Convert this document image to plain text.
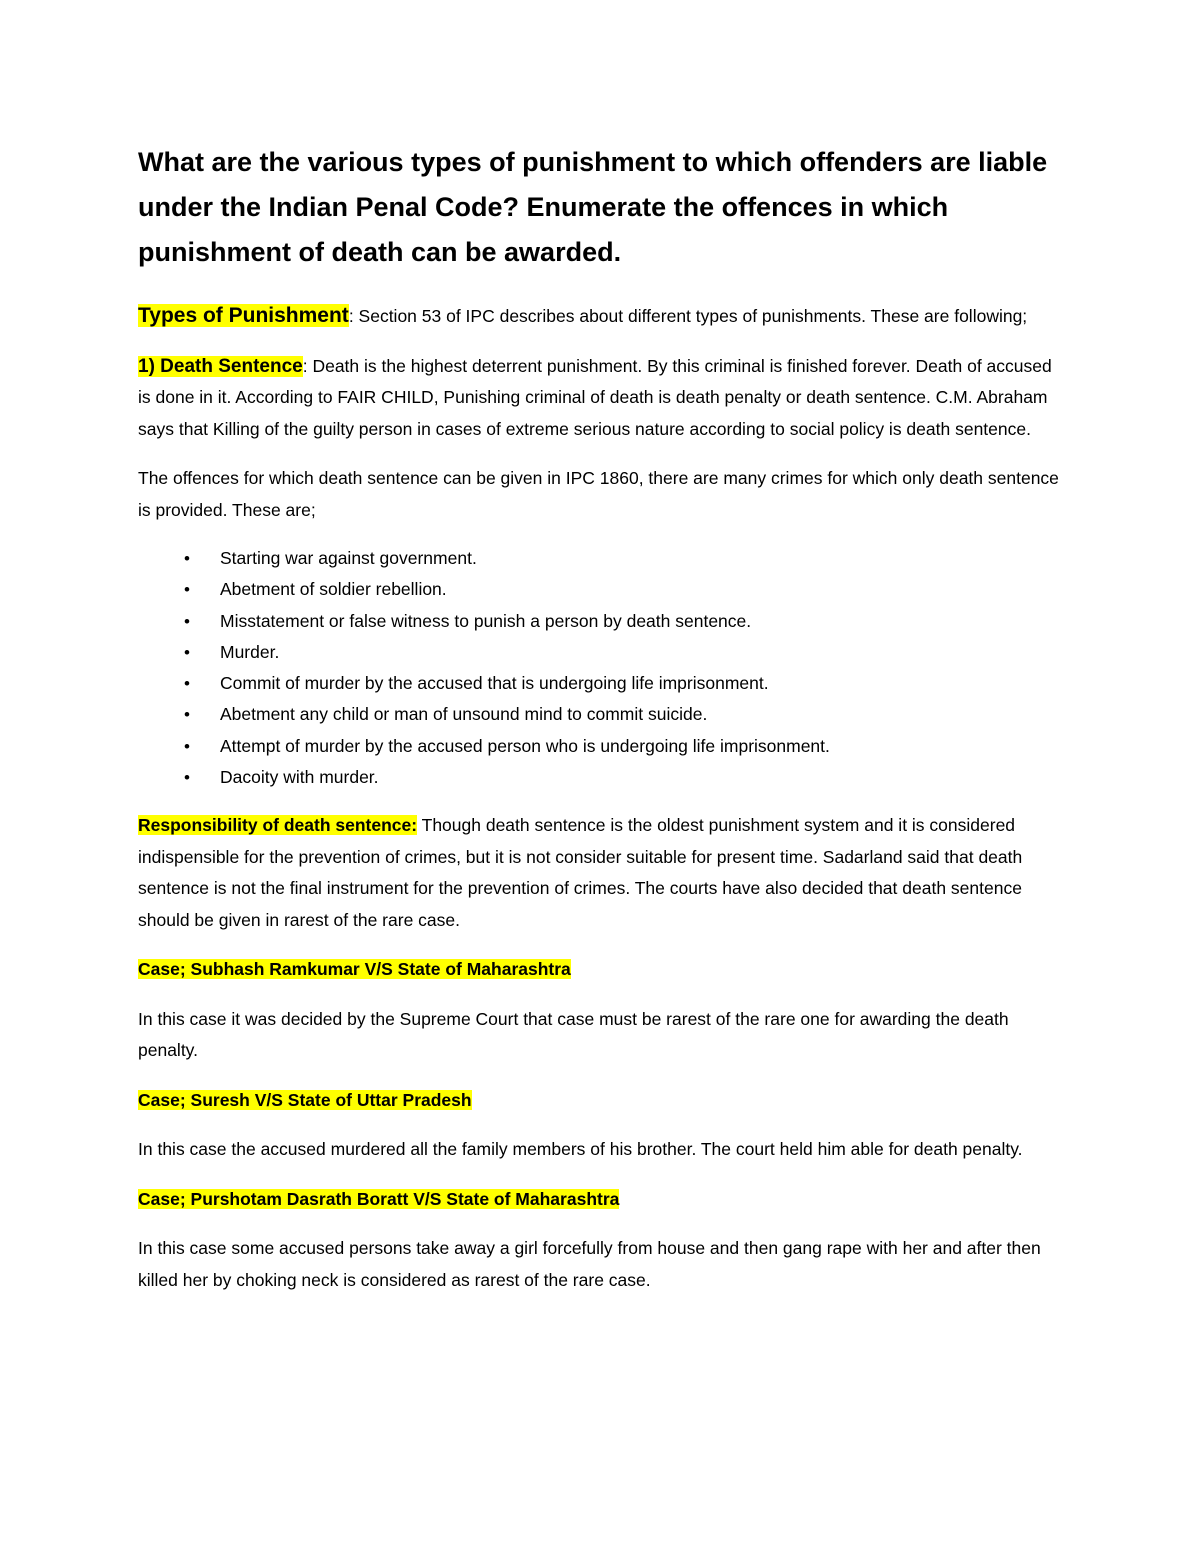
What are the various types of punishment to which offenders are liable under the Indian Penal Code? Enumerate the offences in which punishment of death can be awarded.

Types of Punishment: Section 53 of IPC describes about different types of punishments. These are following;

1) Death Sentence: Death is the highest deterrent punishment. By this criminal is finished forever. Death of accused is done in it. According to FAIR CHILD, Punishing criminal of death is death penalty or death sentence. C.M. Abraham says that Killing of the guilty person in cases of extreme serious nature according to social policy is death sentence.

The offences for which death sentence can be given in IPC 1860, there are many crimes for which only death sentence is provided. These are;

• Starting war against government.
• Abetment of soldier rebellion.
• Misstatement or false witness to punish a person by death sentence.
• Murder.
• Commit of murder by the accused that is undergoing life imprisonment.
• Abetment any child or man of unsound mind to commit suicide.
• Attempt of murder by the accused person who is undergoing life imprisonment.
• Dacoity with murder.

Responsibility of death sentence: Though death sentence is the oldest punishment system and it is considered indispensible for the prevention of crimes, but it is not consider suitable for present time. Sadarland said that death sentence is not the final instrument for the prevention of crimes. The courts have also decided that death sentence should be given in rarest of the rare case.

Case; Subhash Ramkumar V/S State of Maharashtra

In this case it was decided by the Supreme Court that case must be rarest of the rare one for awarding the death penalty.

Case; Suresh V/S State of Uttar Pradesh

In this case the accused murdered all the family members of his brother. The court held him able for death penalty.

Case; Purshotam Dasrath Boratt V/S State of Maharashtra

In this case some accused persons take away a girl forcefully from house and then gang rape with her and after then killed her by choking neck is considered as rarest of the rare case.
